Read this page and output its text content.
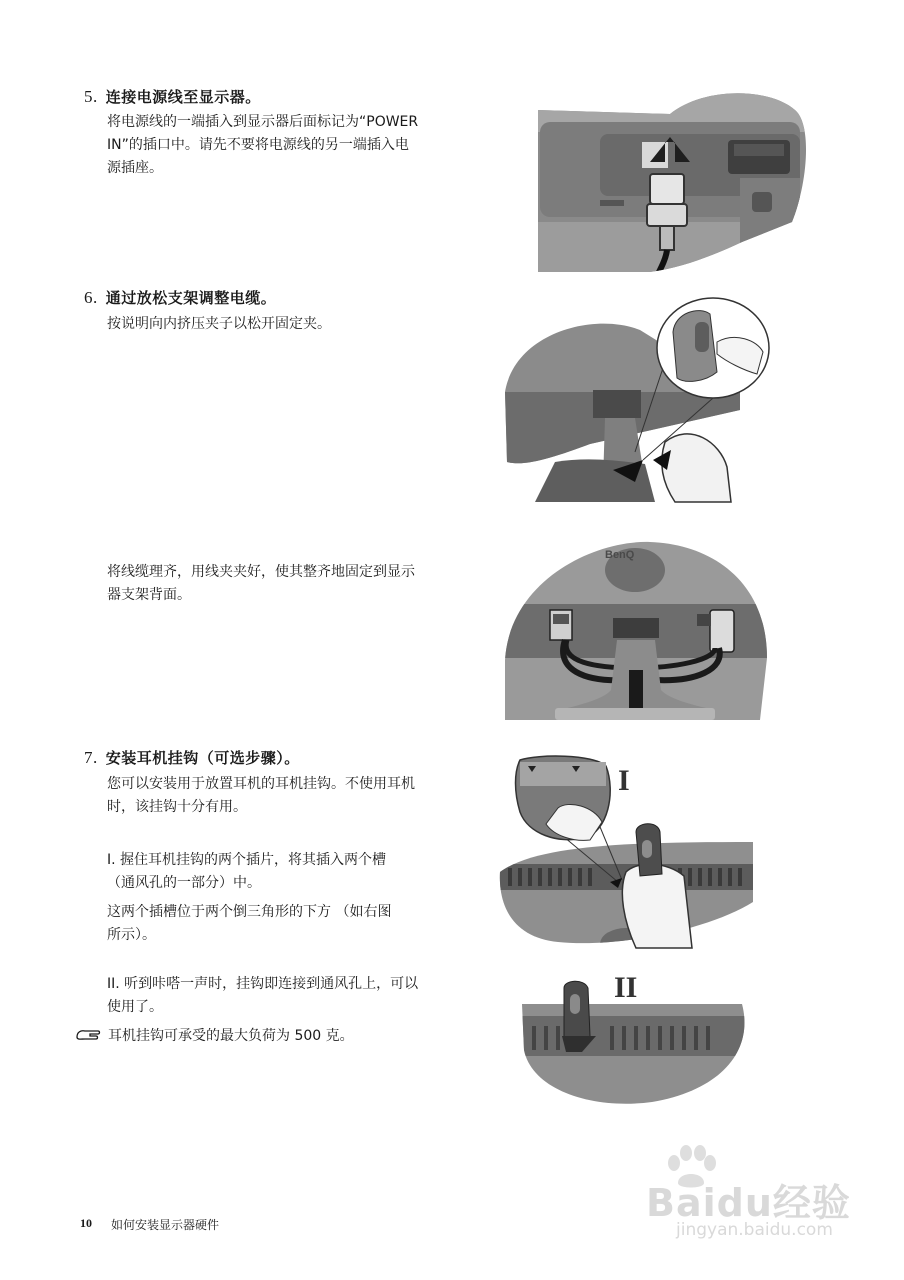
5. 连接电源线至显示器。
将电源线的一端插入到显示器后面标记为“POWER
IN”的插口中。请先不要将电源线的另一端插入电
源插座。
6. 通过放松支架调整电缆。
按说明向内挤压夹子以松开固定夹。
将线缆理齐，用线夹夹好，使其整齐地固定到显示
器支架背面。
BenQ
7. 安装耳机挂钩（可选步骤）。
您可以安装用于放置耳机的耳机挂钩。不使用耳机
时，该挂钩十分有用。
I. 握住耳机挂钩的两个插片，将其插入两个槽
（通风孔的一部分）中。
这两个插槽位于两个倒三角形的下方 （如右图
所示）。
II. 听到咔嗒一声时，挂钩即连接到通风孔上，可以
使用了。
耳机挂钩可承受的最大负荷为 500 克。
I
II
10 如何安装显示器硬件	Baidu经验
jingyan.baidu.com
